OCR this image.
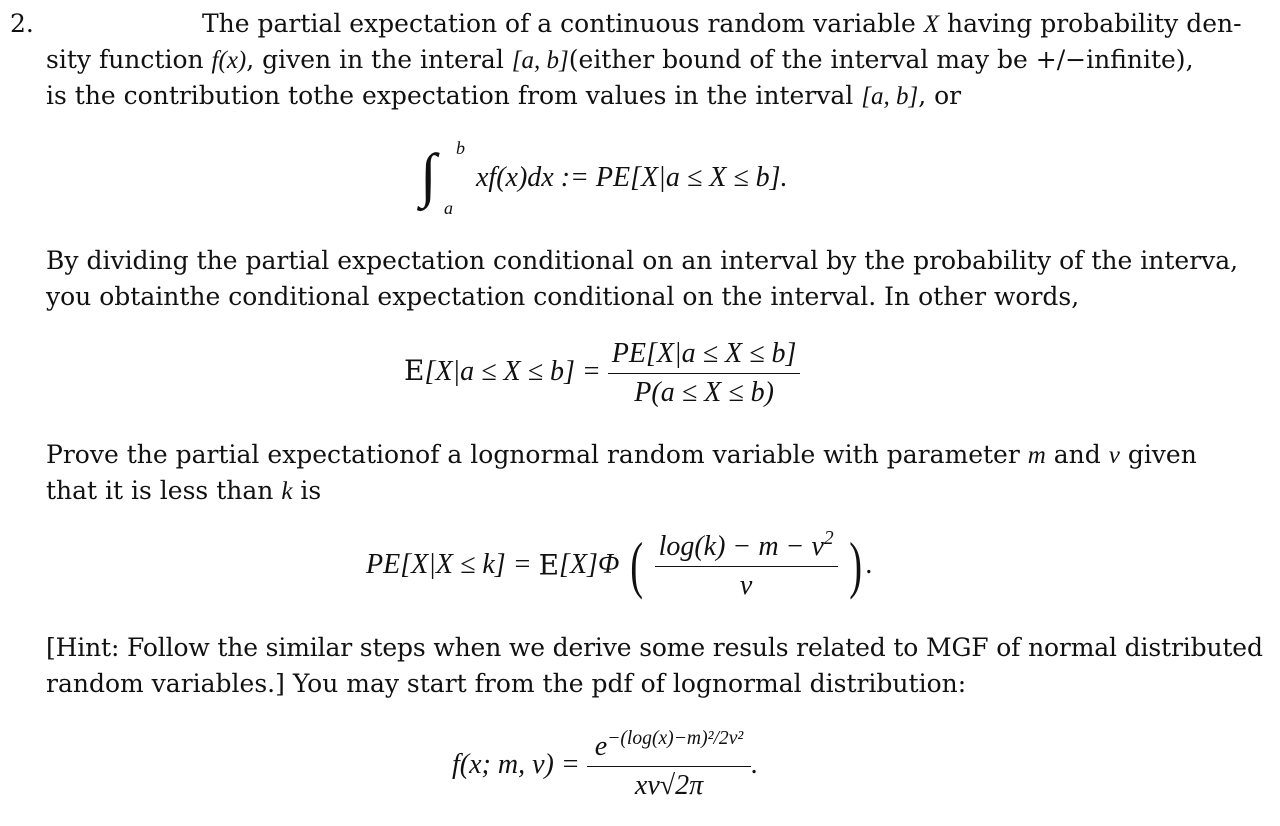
2.	The partial expectation of a continuous random variable X having probability den-
sity function f(x), given in the interal [a, b](either bound of the interval may be +/−infinite),
is the contribution tothe expectation from values in the interval [a, b], or
∫ b
a
xf(x)dx := PE[X|a ≤ X ≤ b].
By dividing the partial expectation conditional on an interval by the probability of the interva,
you obtainthe conditional expectation conditional on the interval. In other words,
$E[X|a \le X \le b] = \frac{PE[X|a \le X \le b]}{P(a \le X \le b)}$
Prove the partial expectationof a lognormal random variable with parameter m and ν given
that it is less than k is
PE[X|X ≤ k] = E[X]Φ ( $\frac{\log(k) - m - \nu^2}{\nu}$ ) .
[Hint: Follow the similar steps when we derive some resuls related to MGF of normal distributed
random variables.] You may start from the pdf of lognormal distribution:
f(x; m, $\nu) = \frac{e^{-(log(x)-m)^2/2\nu^2}}{x\nu√2\pi}$ .
